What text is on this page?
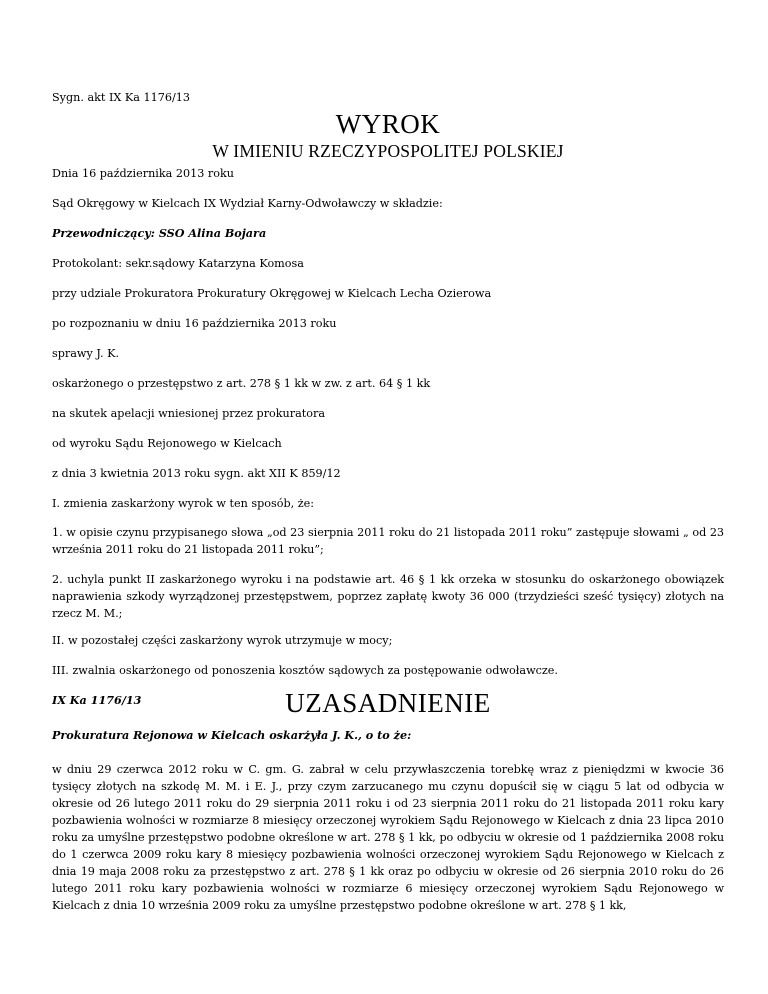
Sygn. akt IX Ka 1176/13

WYROK
W IMIENIU RZECZYPOSPOLITEJ POLSKIEJ

Dnia 16 października 2013 roku

Sąd Okręgowy w Kielcach IX Wydział Karny-Odwoławczy w składzie:

Przewodniczący: SSO Alina Bojara

Protokolant: sekr.sądowy Katarzyna Komosa

przy udziale Prokuratora Prokuratury Okręgowej w Kielcach Lecha Ozierowa

po rozpoznaniu w dniu 16 października 2013 roku

sprawy J. K.

oskarżonego o przestępstwo z art. 278 § 1 kk w zw. z art. 64 § 1 kk

na skutek apelacji wniesionej przez prokuratora

od wyroku Sądu Rejonowego w Kielcach

z dnia 3 kwietnia 2013 roku sygn. akt XII K 859/12

I. zmienia zaskarżony wyrok w ten sposób, że:

1. w opisie czynu przypisanego słowa „od 23 sierpnia 2011 roku do 21 listopada 2011 roku” zastępuje słowami „ od 23 września 2011 roku do 21 listopada 2011 roku”;

2. uchyla punkt II zaskarżonego wyroku i na podstawie art. 46 § 1 kk orzeka w stosunku do oskarżonego obowiązek naprawienia szkody wyrządzonej przestępstwem, poprzez zapłatę kwoty 36 000 (trzydzieści sześć tysięcy) złotych na rzecz M. M.;

II. w pozostałej części zaskarżony wyrok utrzymuje w mocy;

III. zwalnia oskarżonego od ponoszenia kosztów sądowych za postępowanie odwoławcze.

IX Ka 1176/13	UZASADNIENIE

Prokuratura Rejonowa w Kielcach oskarżyła J. K., o to że:

w dniu 29 czerwca 2012 roku w C. gm. G. zabrał w celu przywłaszczenia torebkę wraz z pieniędzmi w kwocie 36 tysięcy złotych na szkodę M. M. i E. J., przy czym zarzucanego mu czynu dopuścił się w ciągu 5 lat od odbycia w okresie od 26 lutego 2011 roku do 29 sierpnia 2011 roku i od 23 sierpnia 2011 roku do 21 listopada 2011 roku kary pozbawienia wolności w rozmiarze 8 miesięcy orzeczonej wyrokiem Sądu Rejonowego w Kielcach z dnia 23 lipca 2010 roku za umyślne przestępstwo podobne określone w art. 278 § 1 kk, po odbyciu w okresie od 1 października 2008 roku do 1 czerwca 2009 roku kary 8 miesięcy pozbawienia wolności orzeczonej wyrokiem Sądu Rejonowego w Kielcach z dnia 19 maja 2008 roku za przestępstwo z art. 278 § 1 kk oraz po odbyciu w okresie od 26 sierpnia 2010 roku do 26 lutego 2011 roku kary pozbawienia wolności w rozmiarze 6 miesięcy orzeczonej wyrokiem Sądu Rejonowego w Kielcach z dnia 10 września 2009 roku za umyślne przestępstwo podobne określone w art. 278 § 1 kk,
